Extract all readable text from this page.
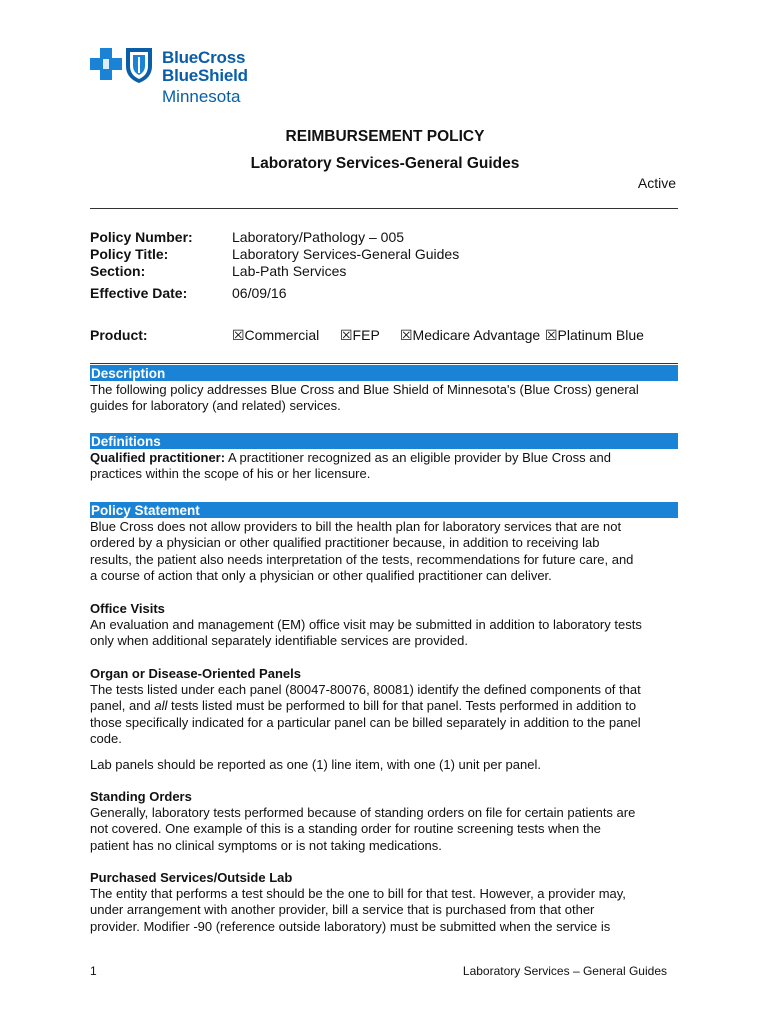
BlueCross
BlueShield
Minnesota
REIMBURSEMENT POLICY
Laboratory Services-General Guides
Active
Policy Number:	Laboratory/Pathology – 005
Policy Title:	Laboratory Services-General Guides
Section:	Lab-Path Services
Effective Date:	06/09/16
Product:	☒Commercial ☒FEP ☒Medicare Advantage ☒Platinum Blue
Description
The following policy addresses Blue Cross and Blue Shield of Minnesota's (Blue Cross) general
guides for laboratory (and related) services.
Definitions
Qualified practitioner: A practitioner recognized as an eligible provider by Blue Cross and
practices within the scope of his or her licensure.
Policy Statement
Blue Cross does not allow providers to bill the health plan for laboratory services that are not
ordered by a physician or other qualified practitioner because, in addition to receiving lab
results, the patient also needs interpretation of the tests, recommendations for future care, and
a course of action that only a physician or other qualified practitioner can deliver.
Office Visits
An evaluation and management (EM) office visit may be submitted in addition to laboratory tests
only when additional separately identifiable services are provided.
Organ or Disease-Oriented Panels
The tests listed under each panel (80047-80076, 80081) identify the defined components of that
panel, and all tests listed must be performed to bill for that panel. Tests performed in addition to
those specifically indicated for a particular panel can be billed separately in addition to the panel
code.
Lab panels should be reported as one (1) line item, with one (1) unit per panel.
Standing Orders
Generally, laboratory tests performed because of standing orders on file for certain patients are
not covered. One example of this is a standing order for routine screening tests when the
patient has no clinical symptoms or is not taking medications.
Purchased Services/Outside Lab
The entity that performs a test should be the one to bill for that test. However, a provider may,
under arrangement with another provider, bill a service that is purchased from that other
provider. Modifier -90 (reference outside laboratory) must be submitted when the service is
1	Laboratory Services – General Guides
